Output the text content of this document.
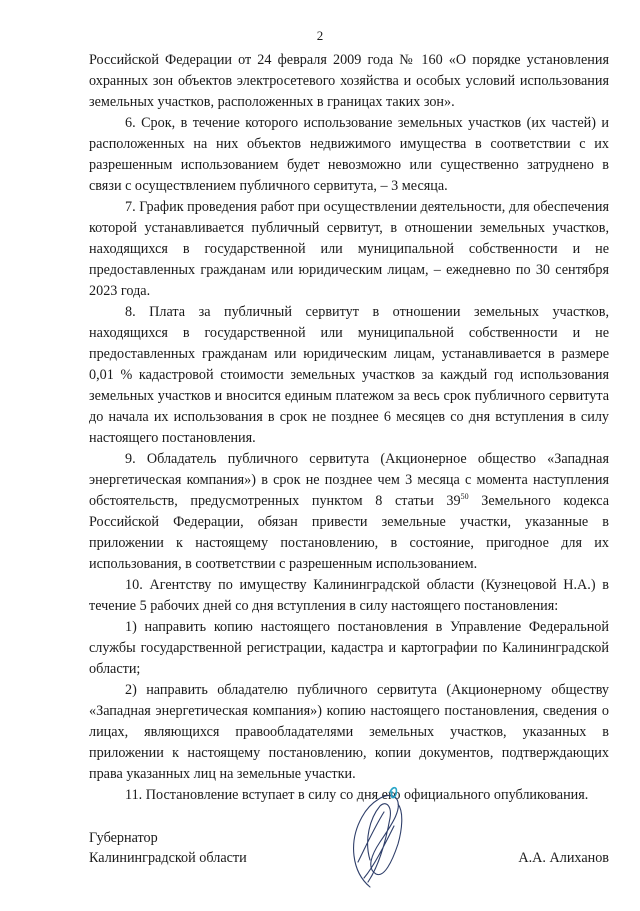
2

Российской Федерации от 24 февраля 2009 года № 160 «О порядке установления охранных зон объектов электросетевого хозяйства и особых условий использования земельных участков, расположенных в границах таких зон».

6. Срок, в течение которого использование земельных участков (их частей) и расположенных на них объектов недвижимого имущества в соответствии с их разрешенным использованием будет невозможно или существенно затруднено в связи с осуществлением публичного сервитута, – 3 месяца.

7. График проведения работ при осуществлении деятельности, для обеспечения которой устанавливается публичный сервитут, в отношении земельных участков, находящихся в государственной или муниципальной собственности и не предоставленных гражданам или юридическим лицам, – ежедневно по 30 сентября 2023 года.

8. Плата за публичный сервитут в отношении земельных участков, находящихся в государственной или муниципальной собственности и не предоставленных гражданам или юридическим лицам, устанавливается в размере 0,01 % кадастровой стоимости земельных участков за каждый год использования земельных участков и вносится единым платежом за весь срок публичного сервитута до начала их использования в срок не позднее 6 месяцев со дня вступления в силу настоящего постановления.

9. Обладатель публичного сервитута (Акционерное общество «Западная энергетическая компания») в срок не позднее чем 3 месяца с момента наступления обстоятельств, предусмотренных пунктом 8 статьи $39^{50}$ Земельного кодекса Российской Федерации, обязан привести земельные участки, указанные в приложении к настоящему постановлению, в состояние, пригодное для их использования, в соответствии с разрешенным использованием.

10. Агентству по имуществу Калининградской области (Кузнецовой Н.А.) в течение 5 рабочих дней со дня вступления в силу настоящего постановления:

1) направить копию настоящего постановления в Управление Федеральной службы государственной регистрации, кадастра и картографии по Калининградской области;

2) направить обладателю публичного сервитута (Акционерному обществу «Западная энергетическая компания») копию настоящего постановления, сведения о лицах, являющихся правообладателями земельных участков, указанных в приложении к настоящему постановлению, копии документов, подтверждающих права указанных лиц на земельные участки.

11. Постановление вступает в силу со дня его официального опубликования.

Губернатор
Калининградской области	А.А. Алиханов
